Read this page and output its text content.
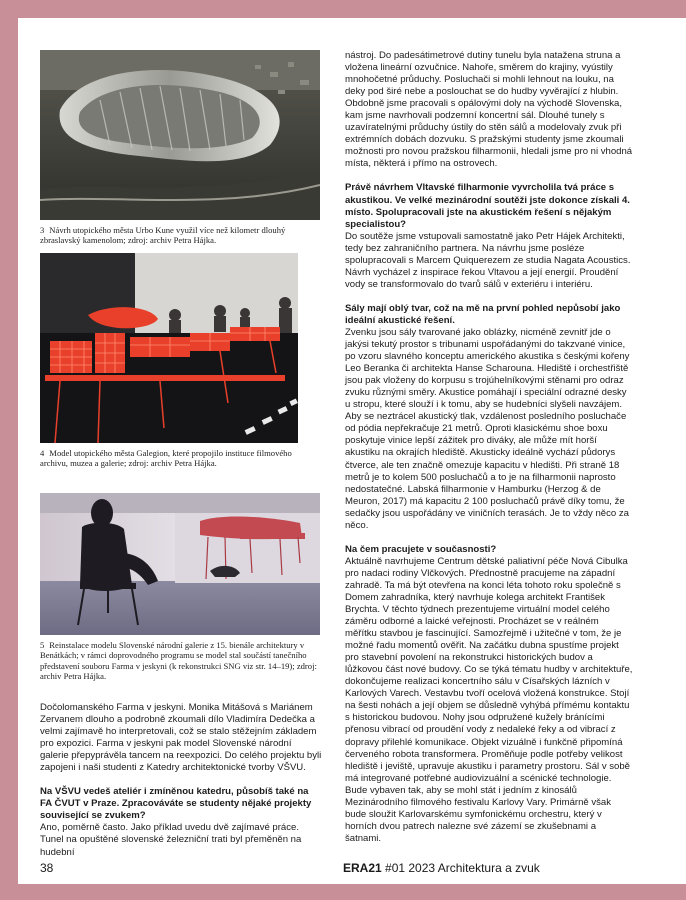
3 Návrh utopického města Urbo Kune využil více než kilometr dlouhý zbraslavský kamenolom; zdroj: archiv Petra Hájka.
4 Model utopického města Galegion, které propojilo instituce filmového archivu, muzea a galerie; zdroj: archiv Petra Hájka.
5 Reinstalace modelu Slovenské národní galerie z 15. bienále architektury v Benátkách; v rámci doprovodného programu se model stal součástí tanečního představení souboru Farma v jeskyni (k rekonstrukci SNG viz str. 14–19); zdroj: archiv Petra Hájka.

Dočolomanského Farma v jeskyni. Monika Mitášová s Mariánem Zervanem dlouho a podrobně zkoumali dílo Vladimíra Dedečka a velmi zajímavě ho interpretovali, což se stalo stěžejním základem pro expozici. Farma v jeskyni pak model Slovenské národní galerie přepyprávěla tancem na reexpozici. Do celého projektu byli zapojeni i naši studenti z Katedry architektonické tvorby VŠVU.

Na VŠVU vedeš ateliér i zmíněnou katedru, působíš také na FA ČVUT v Praze. Zpracováváte se studenty nějaké projekty související se zvukem?

Ano, poměrně často. Jako příklad uvedu dvě zajímavé práce. Tunel na opuštěné slovenské železniční trati byl přeměněn na hudební

nástroj. Do padesátimetrové dutiny tunelu byla natažena struna a vložena lineární ozvučnice. Nahoře, směrem do krajiny, vyústily mnohočetné průduchy. Posluchači si mohli lehnout na louku, na deky pod širé nebe a poslouchat se do hudby vyvěrající z hlubin. Obdobně jsme pracovali s opálovými doly na východě Slovenska, kam jsme navrhovali podzemní koncertní sál. Dlouhé tunely s uzavíratelnými průduchy ústily do stěn sálů a modelovaly zvuk při extrémních dobách dozvuku. S pražskými studenty jsme zkoumali možnosti pro novou pražskou filharmonii, hledali jsme pro ni vhodná místa, některá i přímo na ostrovech.

Právě návrhem Vltavské filharmonie vyvrcholila tvá práce s akustikou. Ve velké mezinárodní soutěži jste dokonce získali 4. místo. Spolupracovali jste na akustickém řešení s nějakým specialistou?

Do soutěže jsme vstupovali samostatně jako Petr Hájek Architekti, tedy bez zahraničního partnera. Na návrhu jsme posléze spolupracovali s Marcem Quiquerezem ze studia Nagata Acoustics. Návrh vycházel z inspirace řekou Vltavou a její energií. Proudění vody se transformovalo do tvarů sálů v exteriéru i interiéru.

Sály mají oblý tvar, což na mě na první pohled nepůsobí jako ideální akustické řešení.

Zvenku jsou sály tvarované jako oblázky, nicméně zevnitř jde o jakýsi tekutý prostor s tribunami uspořádanými do takzvané vinice, po vzoru slavného konceptu amerického akustika s českými kořeny Leo Beranka či architekta Hanse Scharouna. Hlediště i orchestřiště jsou pak vloženy do korpusu s trojúhelníkovými stěnami pro odraz zvuku různými směry. Akustice pomáhají i speciální odrazné desky u stropu, které slouží i k tomu, aby se hudebníci slyšeli navzájem. Aby se neztrácel akustický tlak, vzdálenost posledního posluchače od pódia nepřekračuje 21 metrů. Oproti klasickému shoe boxu poskytuje vinice lepší zážitek pro diváky, ale může mít horší akustiku na okrajích hlediště. Akusticky ideálně vychází půdorys čtverce, ale ten značně omezuje kapacitu v hledišti. Při straně 18 metrů je to kolem 500 posluchačů a to je na filharmonii naprosto nedostatečné. Labská filharmonie v Hamburku (Herzog & de Meuron, 2017) má kapacitu 2 100 posluchačů právě díky tomu, že sedačky jsou uspořádány ve viničních terasách. Je to vždy něco za něco.

Na čem pracujete v současnosti?

Aktuálně navrhujeme Centrum dětské paliativní péče Nová Cibulka pro nadaci rodiny Vlčkových. Přednostně pracujeme na západní zahradě. Ta má být otevřena na konci léta tohoto roku společně s Domem zahradníka, který navrhuje kolega architekt František Brychta. V těchto týdnech prezentujeme virtuální model celého záměru odborné a laické veřejnosti. Procházet se v reálném měřítku stavbou je fascinující. Samozřejmě i užitečné v tom, že je možné řadu momentů ověřit. Na začátku dubna spustíme projekt pro stavební povolení na rekonstrukci historických budov a lůžkovou část nové budovy. Co se týká tématu hudby v architektuře, dokončujeme realizaci koncertního sálu v Císařských lázních v Karlových Varech. Vestavbu tvoří ocelová vložená konstrukce. Stojí na šesti nohách a její objem se důsledně vyhýbá přímému kontaktu s historickou budovou. Nohy jsou odpružené kužely bránícími přenosu vibrací od proudění vody z nedaleké řeky a od vibrací z dopravy přilehlé komunikace. Objekt vizuálně i funkčně připomíná červeného robota transformera. Proměňuje podle potřeby velikost hlediště i jeviště, upravuje akustiku i parametry prostoru. Sál v sobě má integrované potřebné audiovizuální a scénické technologie. Bude vybaven tak, aby se mohl stát i jedním z kinosálů Mezinárodního filmového festivalu Karlovy Vary. Primárně však bude sloužit Karlovarskému symfonickému orchestru, který v horních dvou patrech nalezne své zázemí se zkušebnami a šatnami.

38	ERA21 #01 2023 Architektura a zvuk
